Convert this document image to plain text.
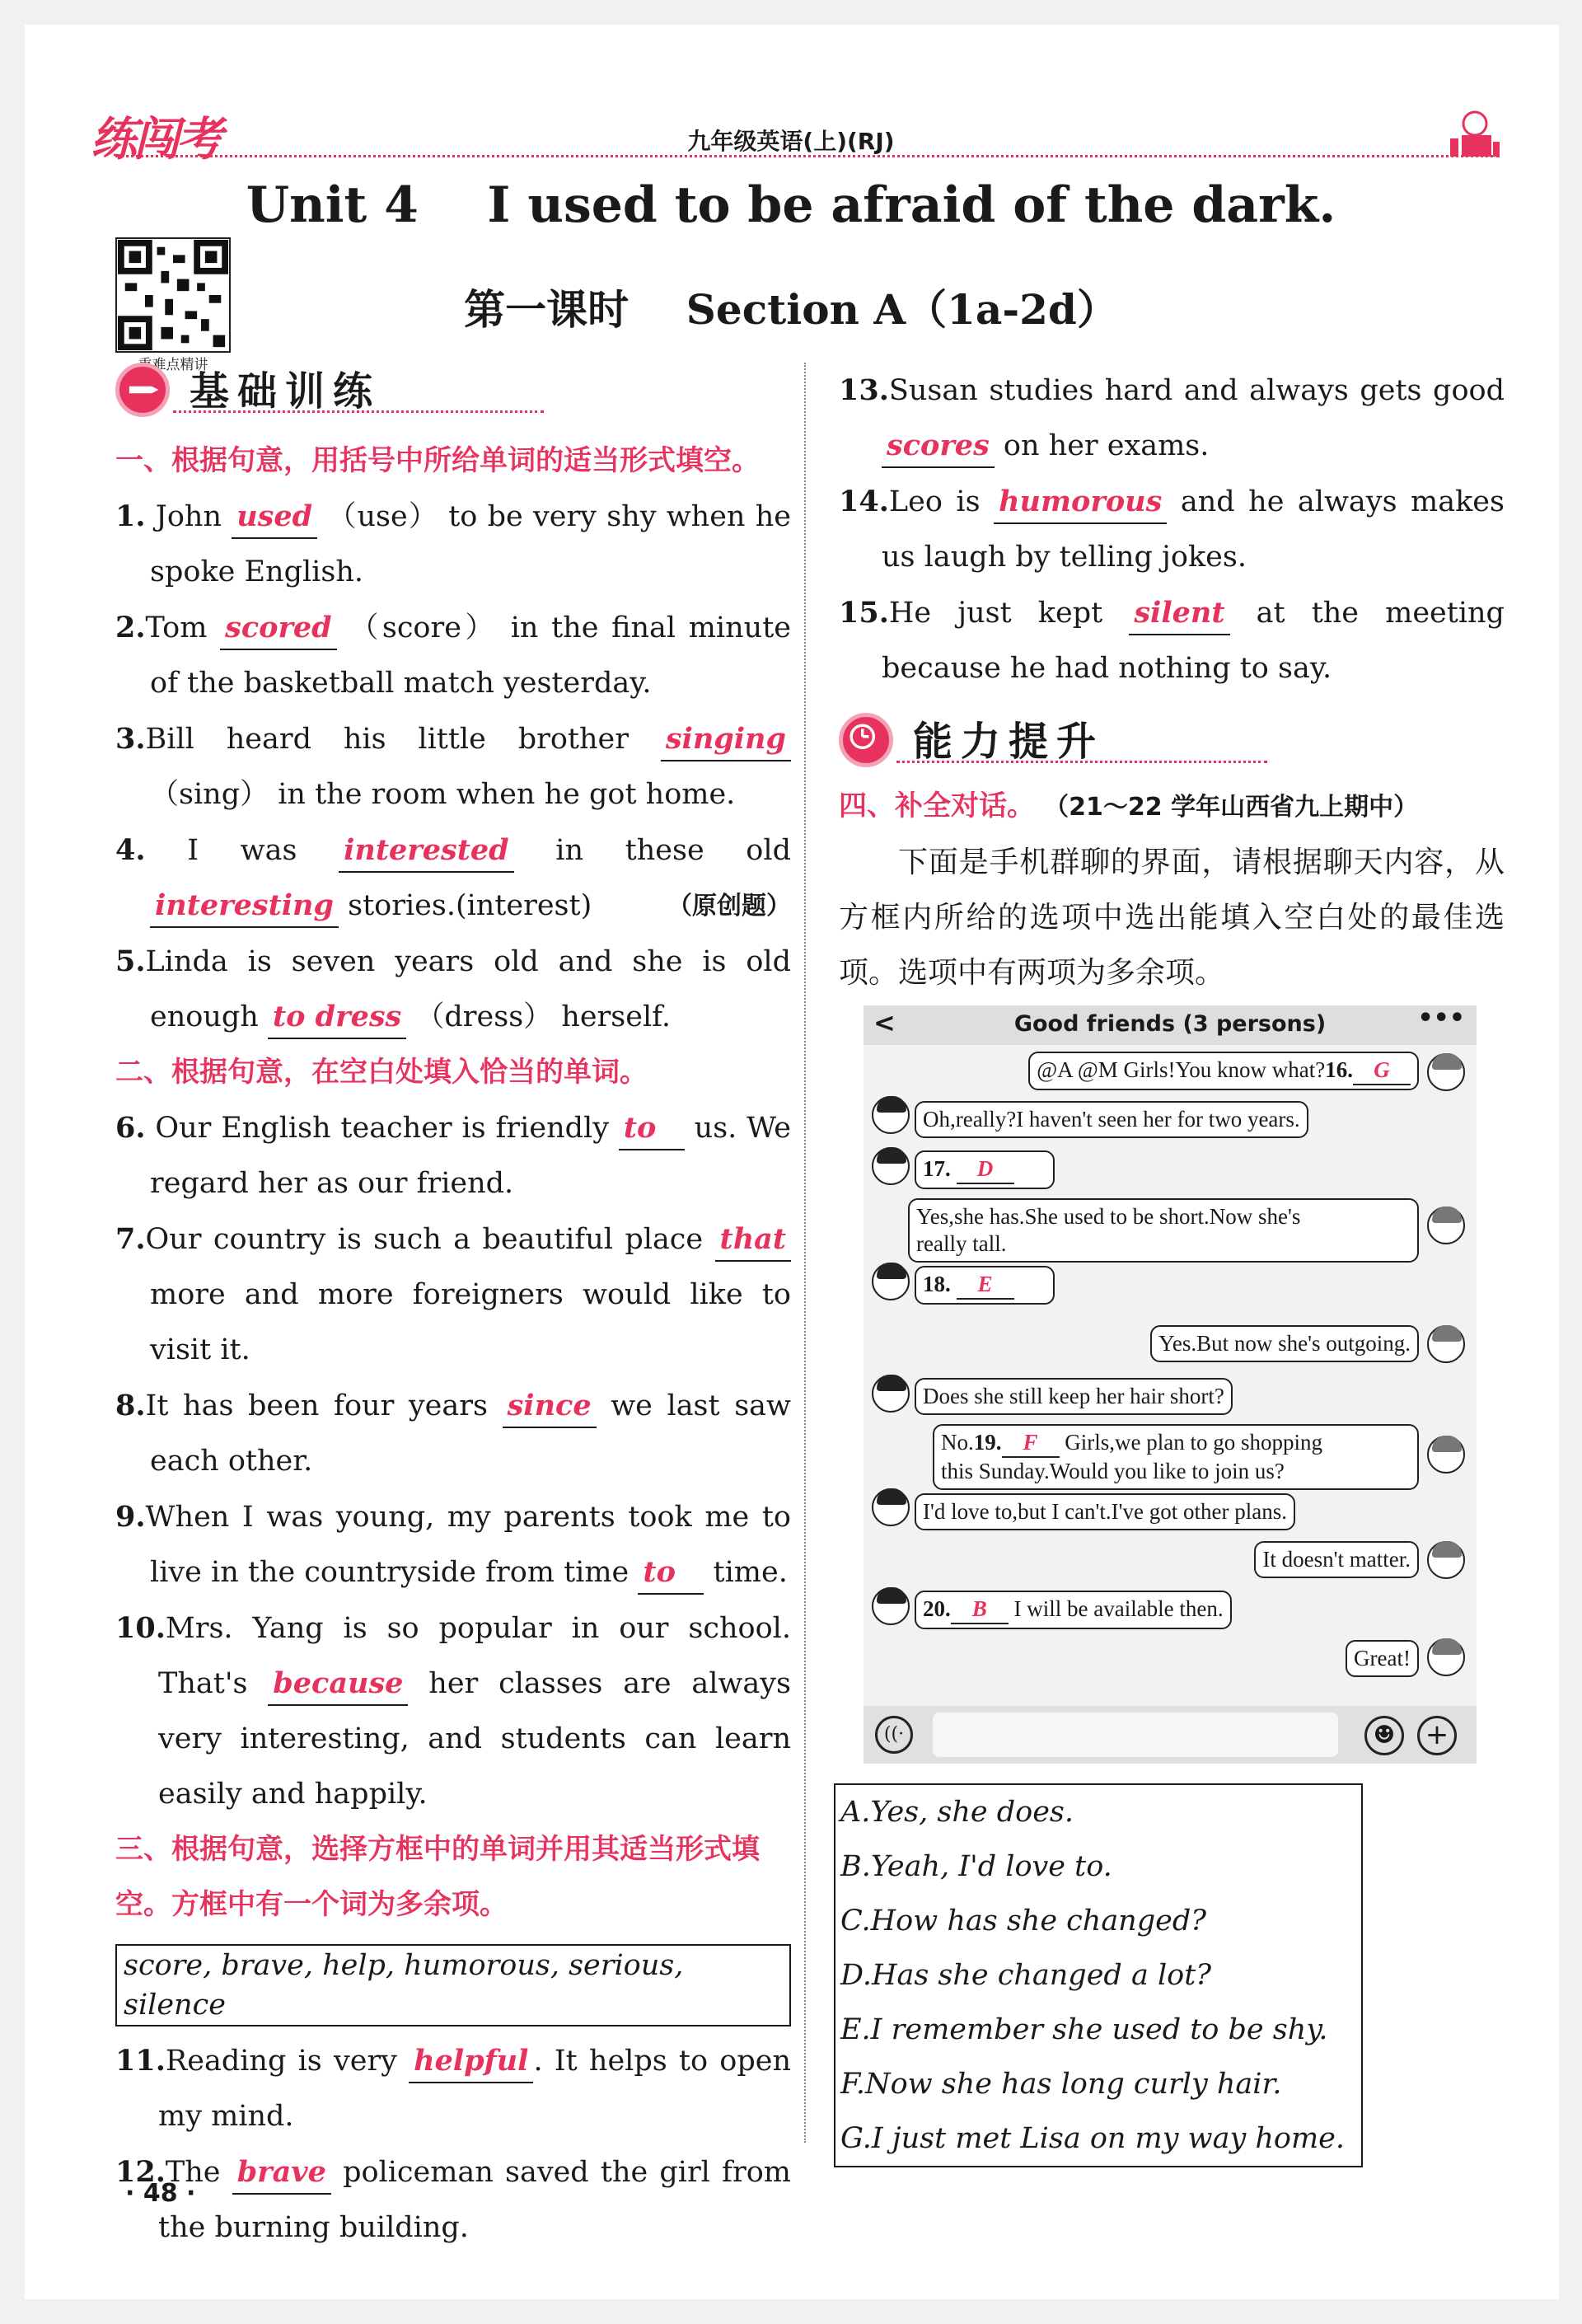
练闯考	九年级英语(上)(RJ)
Unit 4    I used to be afraid of the dark.
第一课时    Section A（1a-2d）
重难点精讲
基础训练
一、根据句意，用括号中所给单词的适当形式填空。
1. John used （use） to be very shy when he spoke English.
2.Tom scored （score） in the final minute of the basketball match yesterday.
3.Bill heard his little brother singing （sing） in the room when he got home.
4. I was interested in these old interesting stories.(interest)	（原创题）
5.Linda is seven years old and she is old enough to dress （dress） herself.
二、根据句意，在空白处填入恰当的单词。
6. Our English teacher is friendly to us. We regard her as our friend.
7.Our country is such a beautiful place that more and more foreigners would like to visit it.
8.It has been four years since we last saw each other.
9.When I was young, my parents took me to live in the countryside from time to time.
10.Mrs. Yang is so popular in our school. That's because her classes are always very interesting, and students can learn easily and happily.
三、根据句意，选择方框中的单词并用其适当形式填空。方框中有一个词为多余项。
score, brave, help, humorous, serious, silence
11.Reading is very helpful . It helps to open my mind.
12.The brave policeman saved the girl from the burning building.
13.Susan studies hard and always gets good scores on her exams.
14.Leo is humorous and he always makes us laugh by telling jokes.
15.He just kept silent at the meeting because he had nothing to say.
能力提升
四、补全对话。 （21～22 学年山西省九上期中）
下面是手机群聊的界面，请根据聊天内容，从方框内所给的选项中选出能填入空白处的最佳选项。选项中有两项为多余项。
<	Good friends (3 persons)	•••
@A @M Girls!You know what?16. G
Oh,really?I haven't seen her for two years.
17. D
Yes,she has.She used to be short.Now she's
really tall.
18. E
Yes.But now she's outgoing.
Does she still keep her hair short?
No.19. F Girls,we plan to go shopping
this Sunday.Would you like to join us?
I'd love to,but I can't.I've got other plans.
It doesn't matter.
20. B I will be available then.
Great!
((·	☻	+
A.Yes, she does.
B.Yeah, I'd love to.
C.How has she changed?
D.Has she changed a lot?
E.I remember she used to be shy.
F.Now she has long curly hair.
G.I just met Lisa on my way home.
· 48 ·
